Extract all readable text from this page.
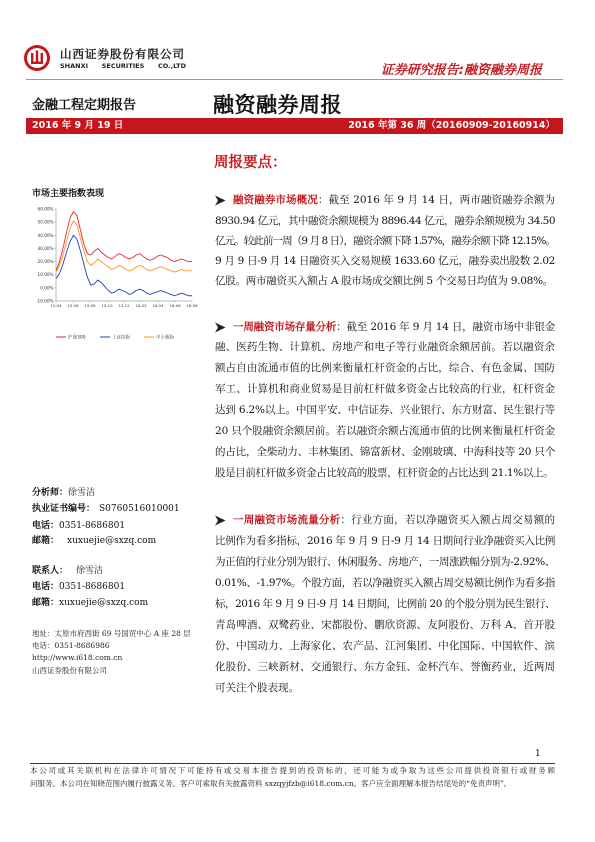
山西证券股份有限公司
SHANXI SECURITIES CO.,LTD	证券研究报告:融资融券周报
金融工程定期报告	融资融券周报
2016 年 9 月 19 日	2016 年第 36 周（20160909-20160914）
周报要点：
市场主要指数表现
60.00%
50.00%
40.00%
30.00%
20.00%
10.00%
0.00%
-10.00%
15-04 15-06 15-08 15-10 15-12 16-02 16-04 16-06 16-08
沪深300	上证综指	中小板指
融资融券市场概况：截至 2016 年 9 月 14 日，两市融资融券余额为
8930.94 亿元，其中融资余额规模为 8896.44 亿元，融券余额规模为 34.50
亿元。较此前一周（9 月 8 日），融资余额下降 1.57%，融券余额下降 12.15%。
9 月 9 日-9 月 14 日融资买入交易规模 1633.60 亿元，融券卖出股数 2.02
亿股。两市融资买入额占 A 股市场成交额比例 5 个交易日均值为 9.08%。
一周融资市场存量分析：截至 2016 年 9 月 14 日，融资市场中非银金
融、医药生物、计算机、房地产和电子等行业融资余额居前。若以融资余
额占自由流通市值的比例来衡量杠杆资金的占比，综合、有色金属、国防
军工、计算机和商业贸易是目前杠杆做多资金占比较高的行业，杠杆资金
达到 6.2%以上。中国平安、中信证券、兴业银行、东方财富、民生银行等
20 只个股融资余额居前。若以融资余额占流通市值的比例来衡量杠杆资金
的占比，全柴动力、丰林集团、锦富新材、金刚玻璃、中海科技等 20 只个
股是目前杠杆做多资金占比较高的股票，杠杆资金的占比达到 21.1%以上。
一周融资市场流量分析：行业方面，若以净融资买入额占周交易额的
比例作为看多指标，2016 年 9 月 9 日-9 月 14 日期间行业净融资买入比例
为正值的行业分别为银行、休闲服务、房地产，一周涨跌幅分别为-2.92%、
0.01%、-1.97%。个股方面，若以净融资买入额占周交易额比例作为看多指
标，2016 年 9 月 9 日-9 月 14 日期间，比例前 20 的个股分别为民生银行、
青岛啤酒、双鹭药业、宋都股份、鹏欣资源、友阿股份、万科 A、首开股
份、中国动力、上海家化、农产品、江河集团、中化国际、中国软件、滨
化股份、三峡新材、交通银行、东方金钰、金杯汽车、誉衡药业，近两周
可关注个股表现。
分析师：徐雪洁
执业证书编号： S0760516010001
电话：0351-8686801
邮箱： xuxuejie@sxzq.com
联系人： 徐雪洁
电话：0351-8686801
邮箱：xuxuejie@sxzq.com
地址：太原市府西街 69 号国贸中心 A 座 28 层
电话：0351-8686986
http://www.i618.com.cn
山西证券股份有限公司
1
本公司或其关联机构在法律许可情况下可能持有或交易本报告提到的投资标的，还可能为或争取为这些公司提供投资银行或财务顾
问服务。本公司在知晓范围内履行披露义务。客户可索取有关披露资料 sxzqyjfzb@i618.com.cn。客户应全面理解本报告结尾处的“免责声明”。
